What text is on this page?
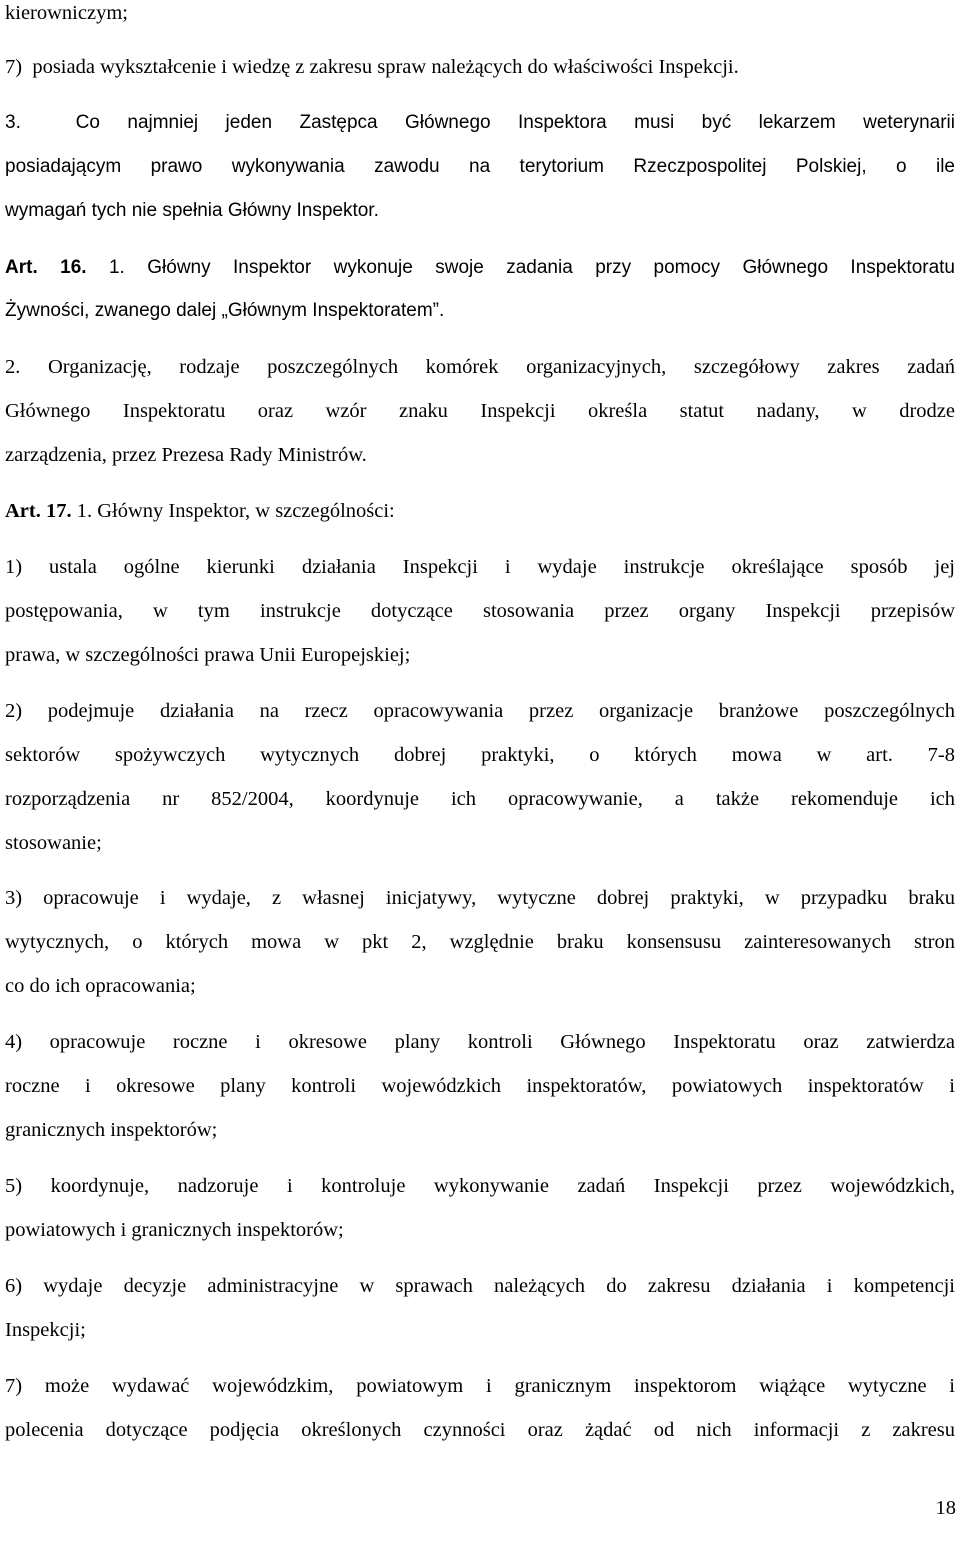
kierowniczym;
7)  posiada wykształcenie i wiedzę z zakresu spraw należących do właściwości Inspekcji.
3.  Co najmniej jeden Zastępca Głównego Inspektora musi być lekarzem weterynarii
posiadającym prawo wykonywania zawodu na terytorium Rzeczpospolitej Polskiej, o ile
wymagań tych nie spełnia Główny Inspektor.
Art. 16. 1. Główny Inspektor wykonuje swoje zadania przy pomocy Głównego Inspektoratu
Żywności, zwanego dalej „Głównym Inspektoratem”.
2. Organizację, rodzaje poszczególnych komórek organizacyjnych, szczegółowy zakres zadań
Głównego Inspektoratu oraz wzór znaku Inspekcji określa statut nadany, w drodze
zarządzenia, przez Prezesa Rady Ministrów.
Art. 17. 1. Główny Inspektor, w szczególności:
1) ustala ogólne kierunki działania Inspekcji i wydaje instrukcje określające sposób jej
postępowania, w tym instrukcje dotyczące stosowania przez organy Inspekcji przepisów
prawa, w szczególności prawa Unii Europejskiej;
2) podejmuje działania na rzecz opracowywania przez organizacje branżowe poszczególnych
sektorów spożywczych wytycznych dobrej praktyki, o których mowa w art. 7-8
rozporządzenia nr 852/2004, koordynuje ich opracowywanie, a także rekomenduje ich
stosowanie;
3) opracowuje i wydaje, z własnej inicjatywy, wytyczne dobrej praktyki, w przypadku braku
wytycznych, o których mowa w pkt 2, względnie braku konsensusu zainteresowanych stron
co do ich opracowania;
4) opracowuje roczne i okresowe plany kontroli Głównego Inspektoratu oraz zatwierdza
roczne i okresowe plany kontroli wojewódzkich inspektoratów, powiatowych inspektoratów i
granicznych inspektorów;
5) koordynuje, nadzoruje i kontroluje wykonywanie zadań Inspekcji przez wojewódzkich,
powiatowych i granicznych inspektorów;
6) wydaje decyzje administracyjne w sprawach należących do zakresu działania i kompetencji
Inspekcji;
7) może wydawać wojewódzkim, powiatowym i granicznym inspektorom wiążące wytyczne i
polecenia dotyczące podjęcia określonych czynności oraz żądać od nich informacji z zakresu
18
